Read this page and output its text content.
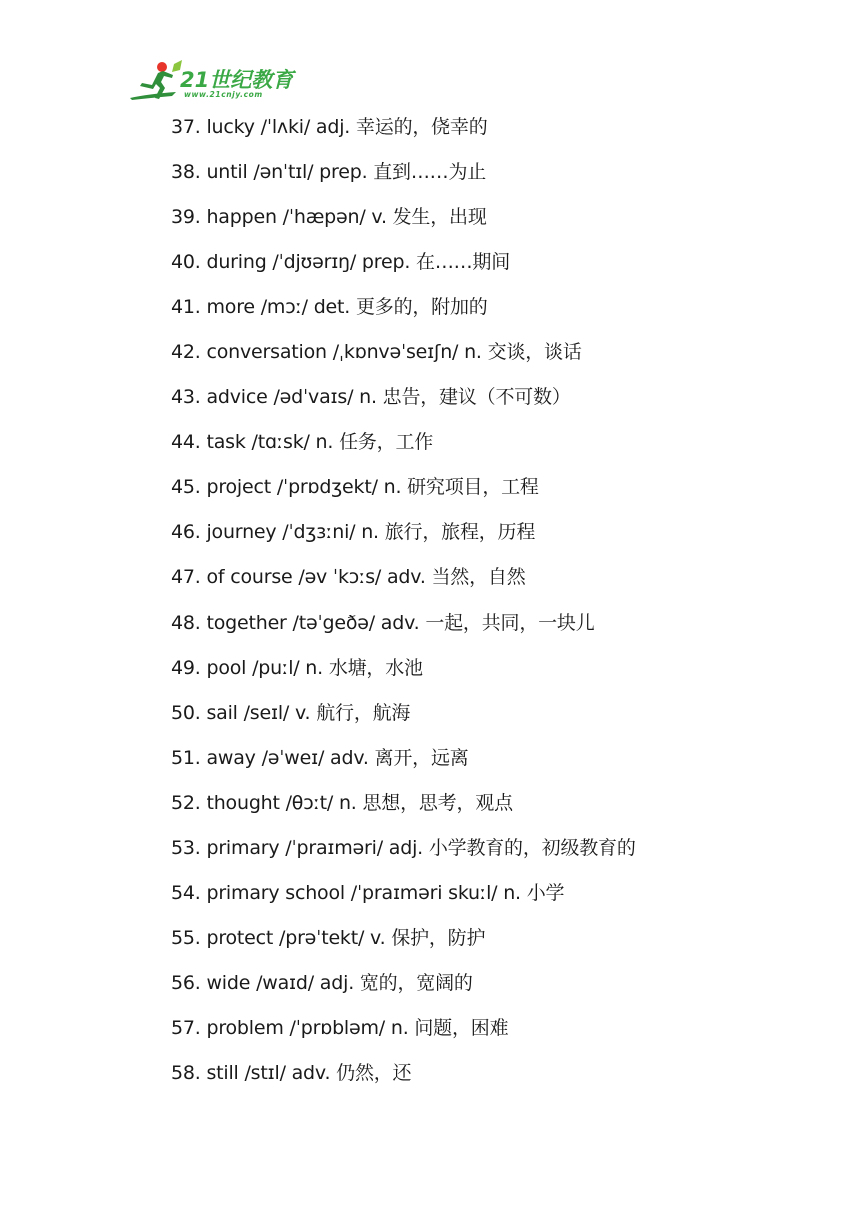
21世纪教育
www.21cnjy.com
37. lucky /ˈlʌki/ adj. 幸运的，侥幸的
38. until /ənˈtɪl/ prep. 直到……为止
39. happen /ˈhæpən/ v. 发生，出现
40. during /ˈdjʊərɪŋ/ prep. 在……期间
41. more /mɔː/ det. 更多的，附加的
42. conversation /ˌkɒnvəˈseɪʃn/ n. 交谈，谈话
43. advice /ədˈvaɪs/ n. 忠告，建议（不可数）
44. task /tɑːsk/ n. 任务，工作
45. project /ˈprɒdʒekt/ n. 研究项目，工程
46. journey /ˈdʒɜːni/ n. 旅行，旅程，历程
47. of course /əv ˈkɔːs/ adv. 当然，自然
48. together /təˈgeðə/ adv. 一起，共同，一块儿
49. pool /puːl/ n. 水塘，水池
50. sail /seɪl/ v. 航行，航海
51. away /əˈweɪ/ adv. 离开，远离
52. thought /θɔːt/ n. 思想，思考，观点
53. primary /ˈpraɪməri/ adj. 小学教育的，初级教育的
54. primary school /ˈpraɪməri skuːl/ n. 小学
55. protect /prəˈtekt/ v. 保护，防护
56. wide /waɪd/ adj. 宽的，宽阔的
57. problem /ˈprɒbləm/ n. 问题，困难
58. still /stɪl/ adv. 仍然，还
